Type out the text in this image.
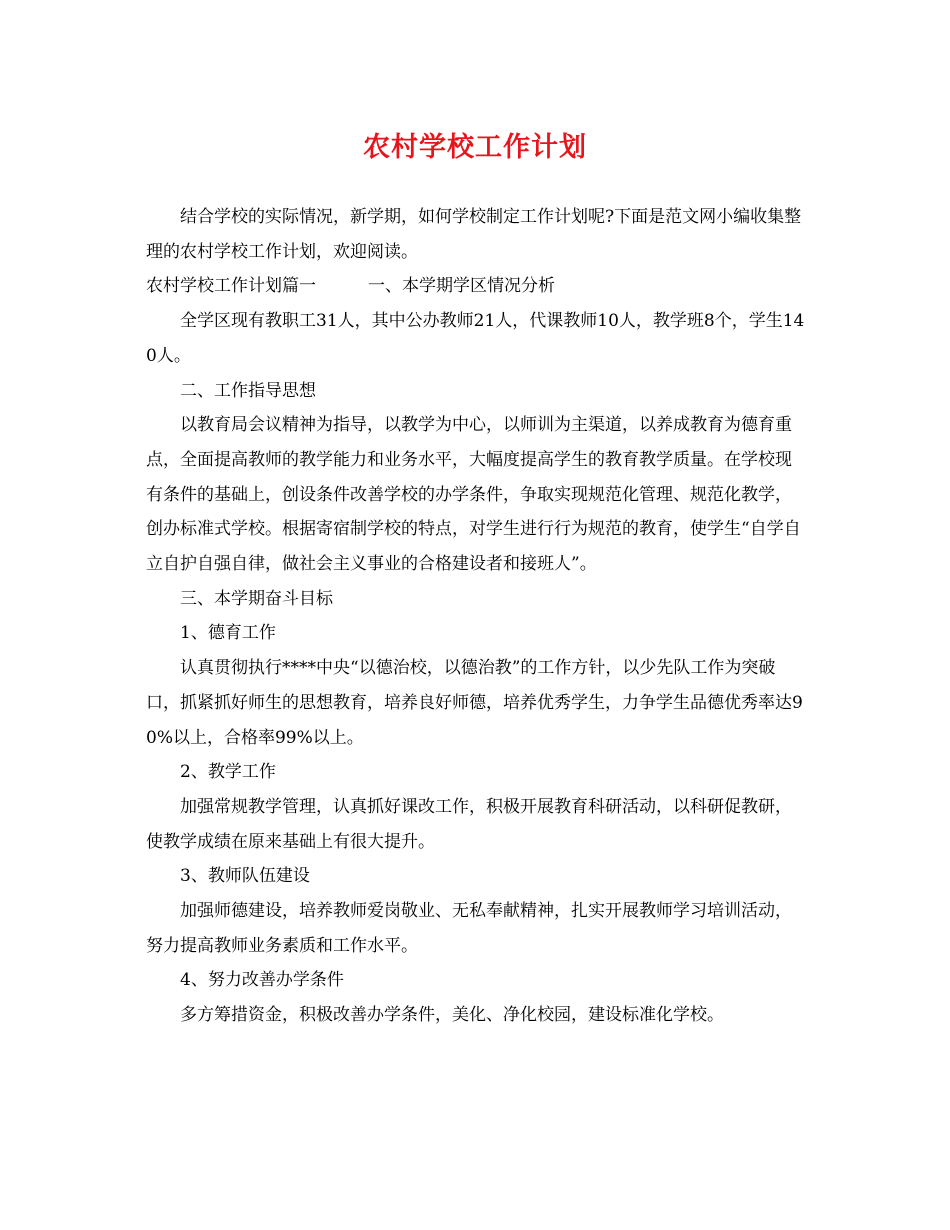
农村学校工作计划

结合学校的实际情况，新学期，如何学校制定工作计划呢?下面是范文网小编收集整理的农村学校工作计划，欢迎阅读。

农村学校工作计划篇一	一、本学期学区情况分析

全学区现有教职工31人，其中公办教师21人，代课教师10人，教学班8个，学生140人。

二、工作指导思想

以教育局会议精神为指导，以教学为中心，以师训为主渠道，以养成教育为德育重点，全面提高教师的教学能力和业务水平，大幅度提高学生的教育教学质量。在学校现有条件的基础上，创设条件改善学校的办学条件，争取实现规范化管理、规范化教学，创办标准式学校。根据寄宿制学校的特点，对学生进行行为规范的教育，使学生“自学自立自护自强自律，做社会主义事业的合格建设者和接班人”。

三、本学期奋斗目标

1、德育工作

认真贯彻执行****中央“以德治校，以德治教”的工作方针，以少先队工作为突破口，抓紧抓好师生的思想教育，培养良好师德，培养优秀学生，力争学生品德优秀率达90%以上，合格率99%以上。

2、教学工作

加强常规教学管理，认真抓好课改工作，积极开展教育科研活动，以科研促教研，使教学成绩在原来基础上有很大提升。

3、教师队伍建设

加强师德建设，培养教师爱岗敬业、无私奉献精神，扎实开展教师学习培训活动，努力提高教师业务素质和工作水平。

4、努力改善办学条件

多方筹措资金，积极改善办学条件，美化、净化校园，建设标准化学校。
